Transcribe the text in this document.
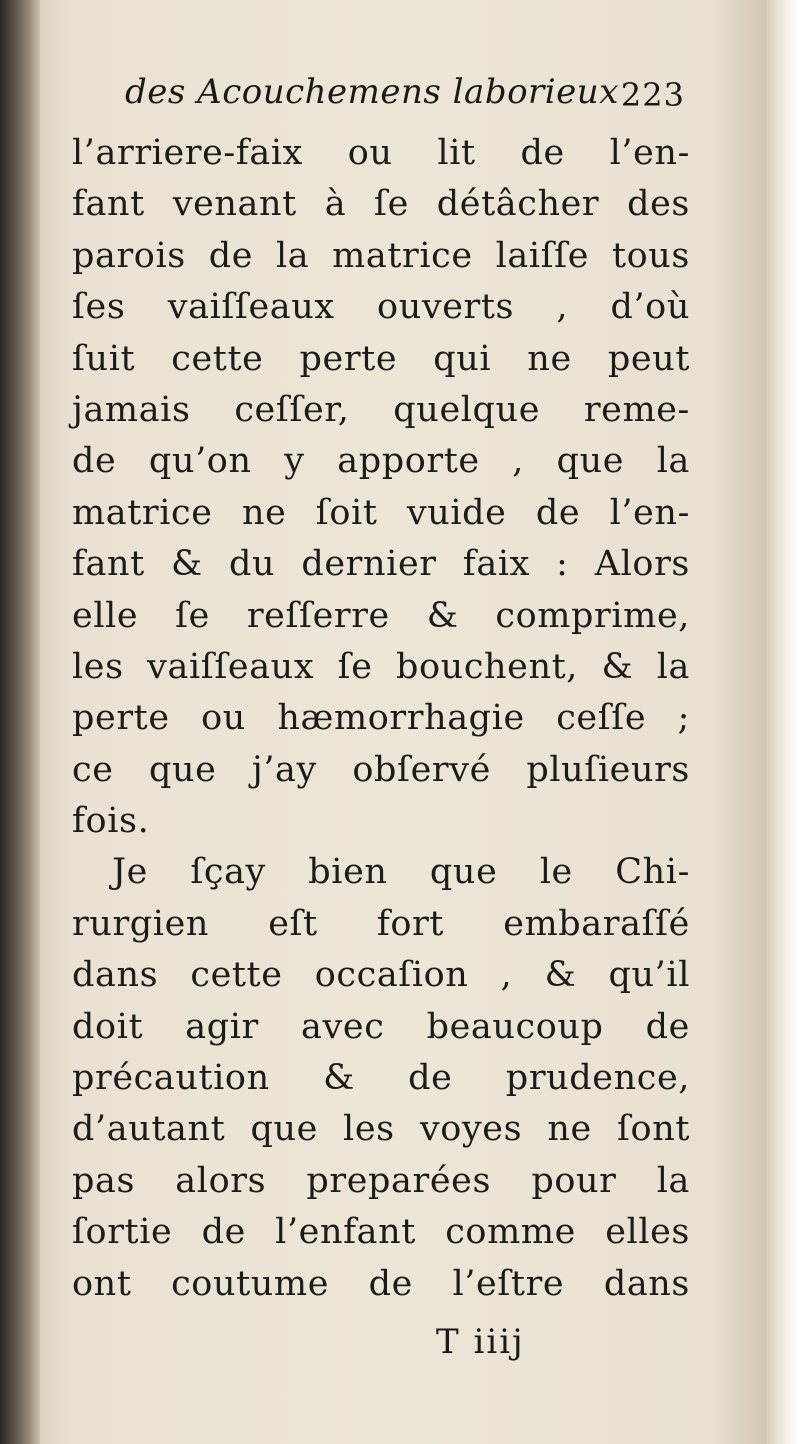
des Acouchemens laborieux 223
l’arriere-faix ou lit de l’en-
fant venant à ſe détâcher des
parois de la matrice laiſſe tous
ſes vaiſſeaux ouverts , d’où
ſuit cette perte qui ne peut
jamais ceſſer, quelque reme-
de qu’on y apporte , que la
matrice ne ſoit vuide de l’en-
fant & du dernier faix : Alors
elle ſe reſſerre & comprime,
les vaiſſeaux ſe bouchent, & la
perte ou hæmorrhagie ceſſe ;
ce que j’ay obſervé pluſieurs
fois.
Je ſçay bien que le Chi-
rurgien eſt fort embaraſſé
dans cette occaſion , & qu’il
doit agir avec beaucoup de
précaution & de prudence,
d’autant que les voyes ne ſont
pas alors preparées pour la
ſortie de l’enfant comme elles
ont coutume de l’eſtre dans
T iiij
